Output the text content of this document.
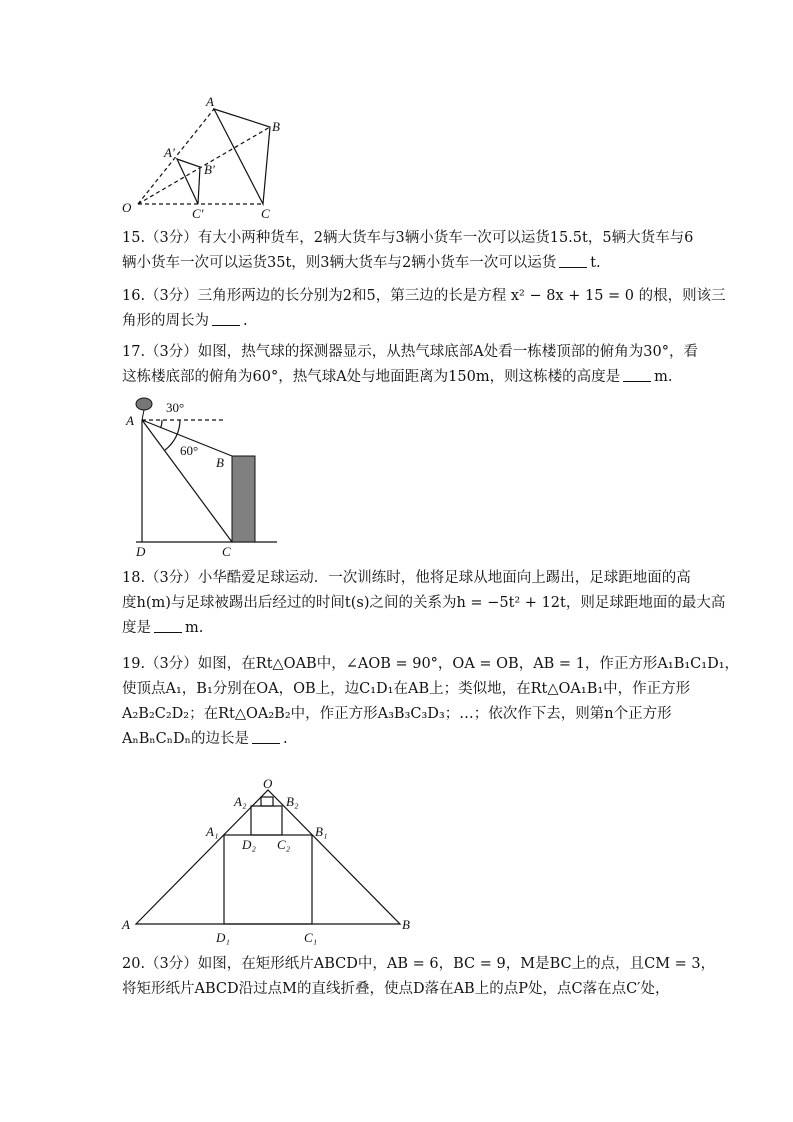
A
B
C
O
A'
B'
C'
15.（3分）有大小两种货车，2辆大货车与3辆小货车一次可以运货15.5t，5辆大货车与6
辆小货车一次可以运货35t，则3辆大货车与2辆小货车一次可以运货 t.
16.（3分）三角形两边的长分别为2和5，第三边的长是方程 x² − 8x + 15 = 0 的根，则该三
角形的周长为 .
17.（3分）如图，热气球的探测器显示，从热气球底部A处看一栋楼顶部的俯角为30°，看
这栋楼底部的俯角为60°，热气球A处与地面距离为150m，则这栋楼的高度是 m.
30°
60°
A
B
C
D
18.（3分）小华酷爱足球运动．一次训练时，他将足球从地面向上踢出，足球距地面的高
度h(m)与足球被踢出后经过的时间t(s)之间的关系为h = −5t² + 12t，则足球距地面的最大高
度是 m.
19.（3分）如图，在Rt△OAB中，∠AOB = 90°，OA = OB，AB = 1，作正方形A₁B₁C₁D₁，
使顶点A₁，B₁分别在OA，OB上，边C₁D₁在AB上；类似地，在Rt△OA₁B₁中，作正方形
A₂B₂C₂D₂；在Rt△OA₂B₂中，作正方形A₃B₃C₃D₃；…；依次作下去，则第n个正方形
AₙBₙCₙDₙ的边长是 .
O
A	B
A₁	B₁
A₂	B₂
D₂ C₂
D₁	C₁
20.（3分）如图，在矩形纸片ABCD中，AB = 6，BC = 9，M是BC上的点，且CM = 3，
将矩形纸片ABCD沿过点M的直线折叠，使点D落在AB上的点P处，点C落在点C′处，
